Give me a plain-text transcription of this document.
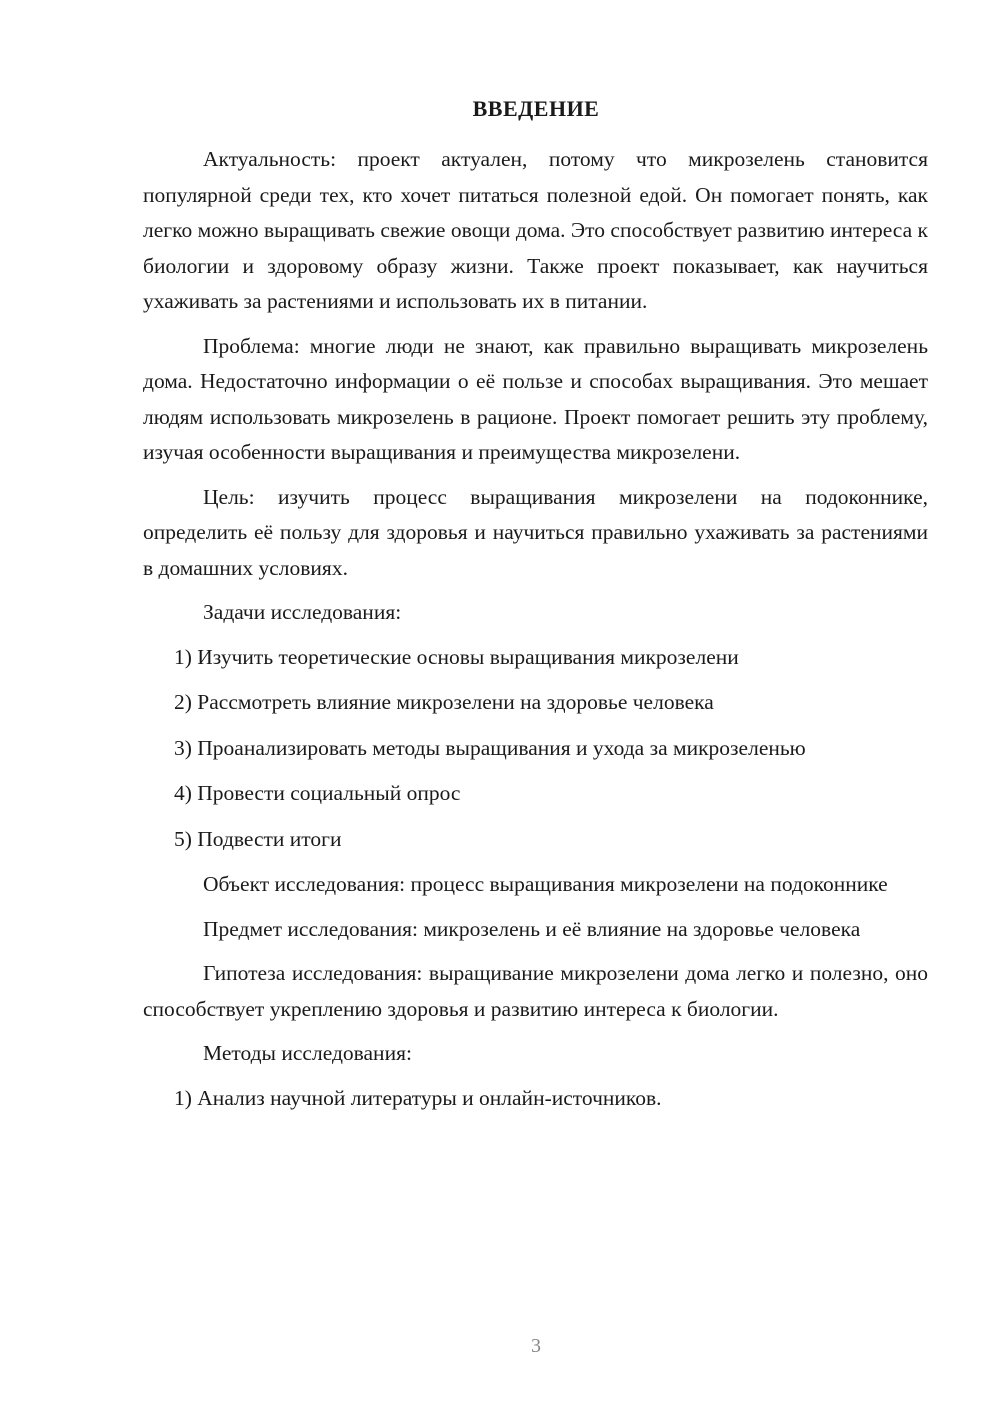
ВВЕДЕНИЕ

Актуальность: проект актуален, потому что микрозелень становится популярной среди тех, кто хочет питаться полезной едой. Он помогает понять, как легко можно выращивать свежие овощи дома. Это способствует развитию интереса к биологии и здоровому образу жизни. Также проект показывает, как научиться ухаживать за растениями и использовать их в питании.

Проблема: многие люди не знают, как правильно выращивать микрозелень дома. Недостаточно информации о её пользе и способах выращивания. Это мешает людям использовать микрозелень в рационе. Проект помогает решить эту проблему, изучая особенности выращивания и преимущества микрозелени.

Цель: изучить процесс выращивания микрозелени на подоконнике, определить её пользу для здоровья и научиться правильно ухаживать за растениями в домашних условиях.

Задачи исследования:

1) Изучить теоретические основы выращивания микрозелени

2) Рассмотреть влияние микрозелени на здоровье человека

3) Проанализировать методы выращивания и ухода за микрозеленью

4) Провести социальный опрос

5) Подвести итоги

Объект исследования: процесс выращивания микрозелени на подоконнике

Предмет исследования: микрозелень и её влияние на здоровье человека

Гипотеза исследования: выращивание микрозелени дома легко и полезно, оно способствует укреплению здоровья и развитию интереса к биологии.

Методы исследования:

1) Анализ научной литературы и онлайн-источников.

3
